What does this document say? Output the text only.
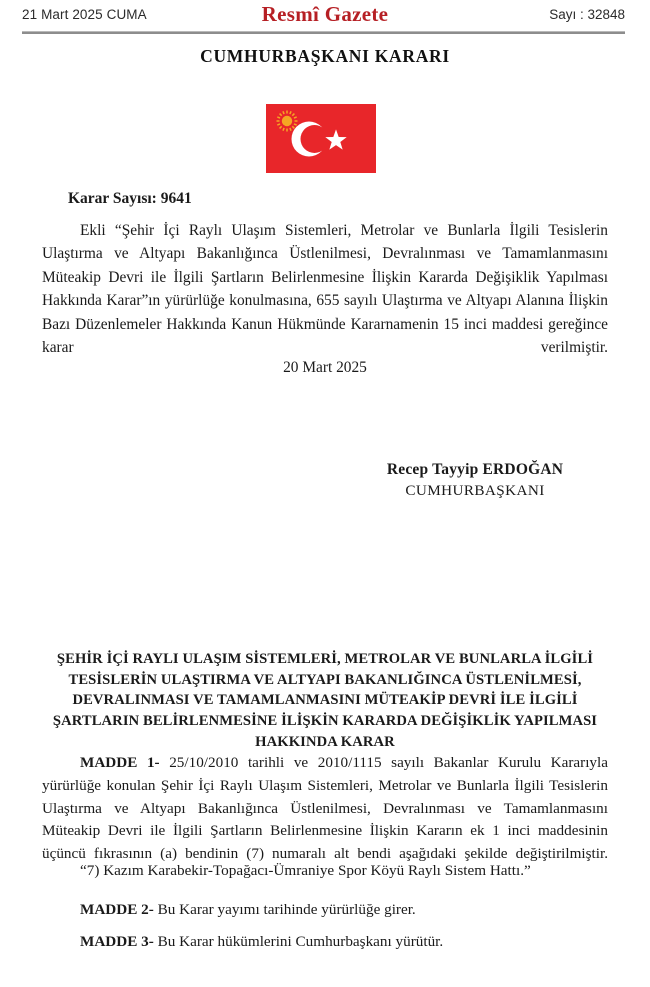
21 Mart 2025 CUMA	Resmî Gazete	Sayı : 32848
CUMHURBAŞKANI KARARI
Karar Sayısı: 9641
Ekli “Şehir İçi Raylı Ulaşım Sistemleri, Metrolar ve Bunlarla İlgili Tesislerin Ulaştırma ve Altyapı Bakanlığınca Üstlenilmesi, Devralınması ve Tamamlanmasını Müteakip Devri ile İlgili Şartların Belirlenmesine İlişkin Kararda Değişiklik Yapılması Hakkında Karar”ın yürürlüğe konulmasına, 655 sayılı Ulaştırma ve Altyapı Alanına İlişkin Bazı Düzenlemeler Hakkında Kanun Hükmünde Kararnamenin 15 inci maddesi gereğince karar verilmiştir.
20 Mart 2025
Recep Tayyip ERDOĞAN
CUMHURBAŞKANI
ŞEHİR İÇİ RAYLI ULAŞIM SİSTEMLERİ, METROLAR VE BUNLARLA İLGİLİ
TESİSLERİN ULAŞTIRMA VE ALTYAPI BAKANLIĞINCA ÜSTLENİLMESİ,
DEVRALINMASI VE TAMAMLANMASINI MÜTEAKİP DEVRİ İLE İLGİLİ
ŞARTLARIN BELİRLENMESİNE İLİŞKİN KARARDA DEĞİŞİKLİK YAPILMASI
HAKKINDA KARAR
MADDE 1- 25/10/2010 tarihli ve 2010/1115 sayılı Bakanlar Kurulu Kararıyla yürürlüğe konulan Şehir İçi Raylı Ulaşım Sistemleri, Metrolar ve Bunlarla İlgili Tesislerin Ulaştırma ve Altyapı Bakanlığınca Üstlenilmesi, Devralınması ve Tamamlanmasını Müteakip Devri ile İlgili Şartların Belirlenmesine İlişkin Kararın ek 1 inci maddesinin üçüncü fıkrasının (a) bendinin (7) numaralı alt bendi aşağıdaki şekilde değiştirilmiştir.
“7) Kazım Karabekir-Topağacı-Ümraniye Spor Köyü Raylı Sistem Hattı.”
MADDE 2- Bu Karar yayımı tarihinde yürürlüğe girer.
MADDE 3- Bu Karar hükümlerini Cumhurbaşkanı yürütür.
